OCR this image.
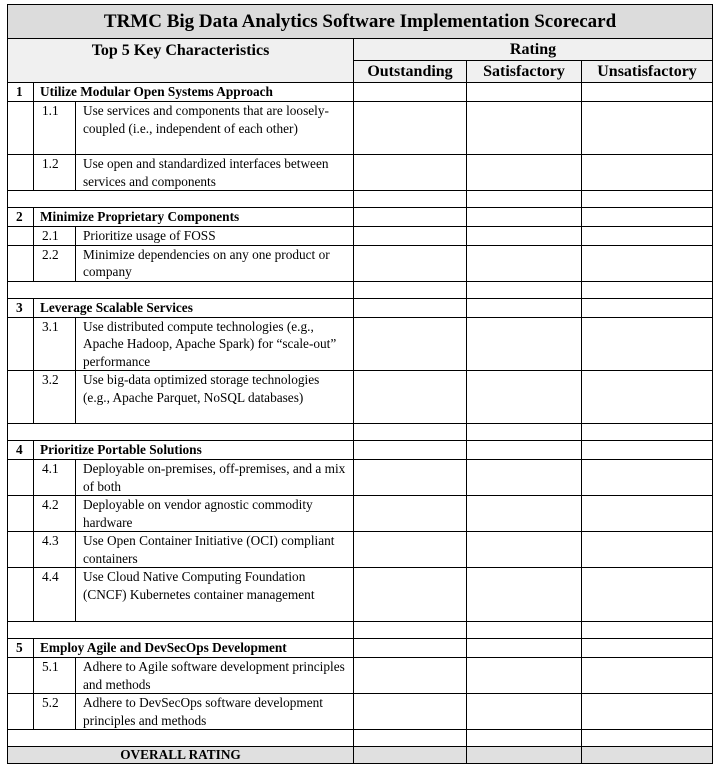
TRMC Big Data Analytics Software Implementation Scorecard					
Top 5 Key Characteristics			Rating		
			Outstanding	Satisfactory	Unsatisfactory
1	Utilize Modular Open Systems Approach				
	1.1	Use services and components that are loosely-coupled (i.e., independent of each other)			
	1.2	Use open and standardized interfaces between services and components			

2	Minimize Proprietary Components				
	2.1	Prioritize usage of FOSS			
	2.2	Minimize dependencies on any one product or company			

3	Leverage Scalable Services				
	3.1	Use distributed compute technologies (e.g., Apache Hadoop, Apache Spark) for “scale-out” performance			
	3.2	Use big-data optimized storage technologies (e.g., Apache Parquet, NoSQL databases)			

4	Prioritize Portable Solutions				
	4.1	Deployable on-premises, off-premises, and a mix of both			
	4.2	Deployable on vendor agnostic commodity hardware			
	4.3	Use Open Container Initiative (OCI) compliant containers			
	4.4	Use Cloud Native Computing Foundation (CNCF) Kubernetes container management			

5	Employ Agile and DevSecOps Development				
	5.1	Adhere to Agile software development principles and methods			
	5.2	Adhere to DevSecOps software development principles and methods			

OVERALL RATING					
